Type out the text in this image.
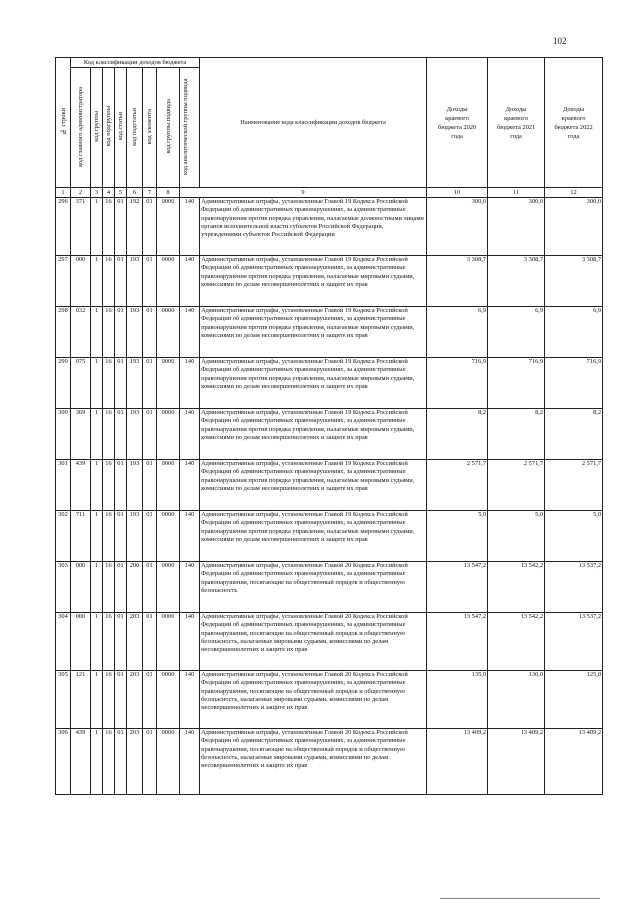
102
№ строки	Код классификации доходов бюджета								Наименование кода классификации доходов бюджета	Доходы краевого бюджета 2020 года	Доходы краевого бюджета 2021 года	Доходы краевого бюджета 2022 года
	код главного администратора	код группы	код подгруппы	код статьи	код подстатьи	код элемента	код группы подвида	код аналитической группы подвида				
1	2	3	4	5	6	7	8	9		10	11	12
296	371	1	16	01	192	01	0000	140	Административные штрафы, установленные Главой 19 Кодекса Российской Федерации об административных правонарушениях, за административные правонарушения против порядка управления, налагаемые должностными лицами органов исполнительной власти субъектов Российской Федерации, учреждениями субъектов Российской Федерации	300,0	300,0	300,0
297	000	1	16	01	193	01	0000	140	Административные штрафы, установленные Главой 19 Кодекса Российской Федерации об административных правонарушениях, за административные правонарушения против порядка управления, налагаемые мировыми судьями, комиссиями по делам несовершеннолетних и защите их прав	3 308,7	3 308,7	3 308,7
298	032	1	16	01	193	01	0000	140	Административные штрафы, установленные Главой 19 Кодекса Российской Федерации об административных правонарушениях, за административные правонарушения против порядка управления, налагаемые мировыми судьями, комиссиями по делам несовершеннолетних и защите их прав	6,9	6,9	6,9
299	075	1	16	01	193	01	0000	140	Административные штрафы, установленные Главой 19 Кодекса Российской Федерации об административных правонарушениях, за административные правонарушения против порядка управления, налагаемые мировыми судьями, комиссиями по делам несовершеннолетних и защите их прав	716,9	716,9	716,9
300	369	1	16	01	193	01	0000	140	Административные штрафы, установленные Главой 19 Кодекса Российской Федерации об административных правонарушениях, за административные правонарушения против порядка управления, налагаемые мировыми судьями, комиссиями по делам несовершеннолетних и защите их прав	8,2	8,2	8,2
301	439	1	16	01	193	01	0000	140	Административные штрафы, установленные Главой 19 Кодекса Российской Федерации об административных правонарушениях, за административные правонарушения против порядка управления, налагаемые мировыми судьями, комиссиями по делам несовершеннолетних и защите их прав	2 571,7	2 571,7	2 571,7
302	711	1	16	01	193	01	0000	140	Административные штрафы, установленные Главой 19 Кодекса Российской Федерации об административных правонарушениях, за административные правонарушения против порядка управления, налагаемые мировыми судьями, комиссиями по делам несовершеннолетних и защите их прав	5,0	5,0	5,0
303	000	1	16	01	200	01	0000	140	Административные штрафы, установленные Главой 20 Кодекса Российской Федерации об административных правонарушениях, за административные правонарушения, посягающие на общественный порядок и общественную безопасность	13 547,2	13 542,2	13 537,2
304	000	1	16	01	203	01	0000	140	Административные штрафы, установленные Главой 20 Кодекса Российской Федерации об административных правонарушениях, за административные правонарушения, посягающие на общественный порядок и общественную безопасность, налагаемые мировыми судьями, комиссиями по делам несовершеннолетних и защите их прав	13 547,2	13 542,2	13 537,2
305	121	1	16	01	203	01	0000	140	Административные штрафы, установленные Главой 20 Кодекса Российской Федерации об административных правонарушениях, за административные правонарушения, посягающие на общественный порядок и общественную безопасность, налагаемые мировыми судьями, комиссиями по делам несовершеннолетних и защите их прав	135,0	130,0	125,0
306	439	1	16	01	203	01	0000	140	Административные штрафы, установленные Главой 20 Кодекса Российской Федерации об административных правонарушениях, за административные правонарушения, посягающие на общественный порядок и общественную безопасность, налагаемые мировыми судьями, комиссиями по делам несовершеннолетних и защите их прав	13 409,2	13 409,2	13 409,2
